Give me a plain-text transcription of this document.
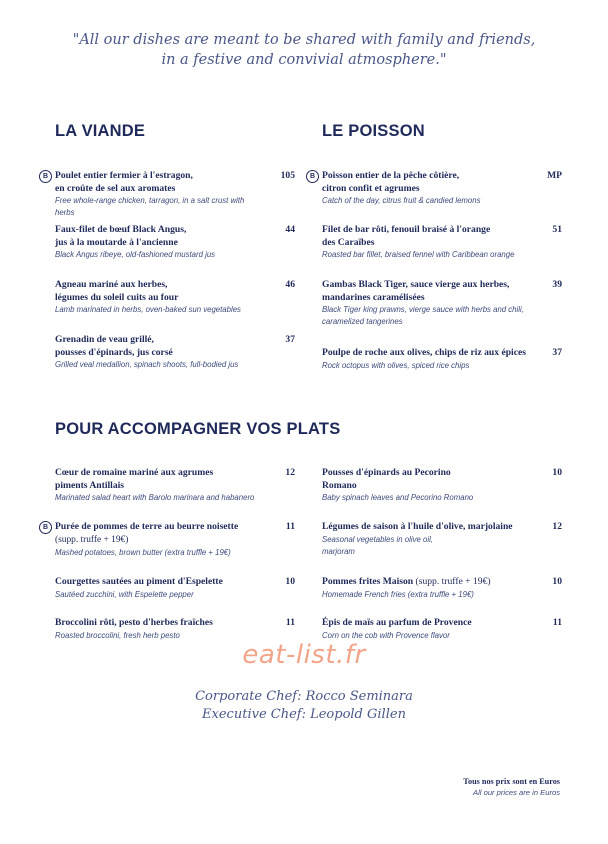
"All our dishes are meant to be shared with family and friends,
in a festive and convivial atmosphere."
LA VIANDE
B Poulet entier fermier à l'estragon,
en croûte de sel aux aromates
Free whole-range chicken, tarragon, in a salt crust with herbs
105
Faux-filet de bœuf Black Angus,
jus à la moutarde à l'ancienne
Black Angus ribeye, old-fashioned mustard jus
44
Agneau mariné aux herbes,
légumes du soleil cuits au four
Lamb marinated in herbs, oven-baked sun vegetables
46
Grenadin de veau grillé,
pousses d'épinards, jus corsé
Grilled veal medallion, spinach shoots, full-bodied jus
37
LE POISSON
B Poisson entier de la pêche côtière,
citron confit et agrumes
Catch of the day, citrus fruit & candied lemons
MP
Filet de bar rôti, fenouil braisé à l'orange
des Caraïbes
Roasted bar fillet, braised fennel with Caribbean orange
51
Gambas Black Tiger, sauce vierge aux herbes,
mandarines caramélisées
Black Tiger king prawns, vierge sauce with herbs and chili,
caramelized tangerines
39
Poulpe de roche aux olives, chips de riz aux épices
Rock octopus with olives, spiced rice chips
37
POUR ACCOMPAGNER VOS PLATS
Cœur de romaine mariné aux agrumes
piments Antillais
Marinated salad heart with Barolo marinara and habanero
12
B Purée de pommes de terre au beurre noisette
(supp. truffe + 19€)
Mashed potatoes, brown butter (extra truffle + 19€)
11
Courgettes sautées au piment d'Espelette
Sautéed zucchini, with Espelette pepper
10
Broccolini rôti, pesto d'herbes fraîches
Roasted broccolini, fresh herb pesto
11
Pousses d'épinards au Pecorino
Romano
Baby spinach leaves and Pecorino Romano
10
Légumes de saison à l'huile d'olive, marjolaine
Seasonal vegetables in olive oil,
marjoram
12
Pommes frites Maison (supp. truffe + 19€)
Homemade French fries (extra truffle + 19€)
10
Épis de maïs au parfum de Provence
Corn on the cob with Provence flavor
11
eat-list.fr
Corporate Chef: Rocco Seminara
Executive Chef: Leopold Gillen
Tous nos prix sont en Euros
All our prices are in Euros
